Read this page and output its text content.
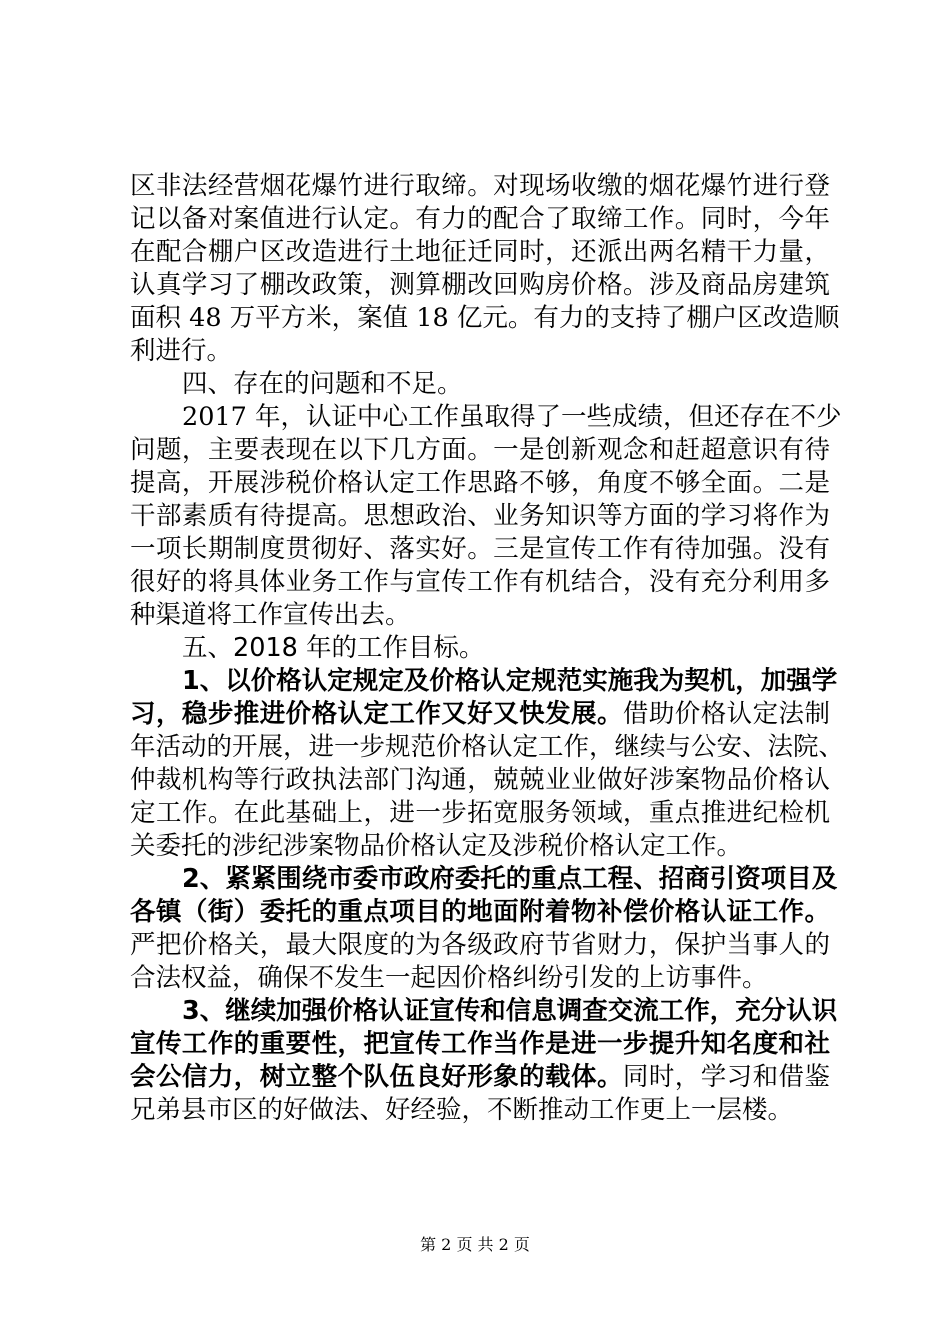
区非法经营烟花爆竹进行取缔。对现场收缴的烟花爆竹进行登
记以备对案值进行认定。有力的配合了取缔工作。同时，今年
在配合棚户区改造进行土地征迁同时，还派出两名精干力量，
认真学习了棚改政策，测算棚改回购房价格。涉及商品房建筑
面积 48 万平方米，案值 18 亿元。有力的支持了棚户区改造顺
利进行。
四、存在的问题和不足。
2017 年，认证中心工作虽取得了一些成绩，但还存在不少
问题，主要表现在以下几方面。一是创新观念和赶超意识有待
提高，开展涉税价格认定工作思路不够，角度不够全面。二是
干部素质有待提高。思想政治、业务知识等方面的学习将作为
一项长期制度贯彻好、落实好。三是宣传工作有待加强。没有
很好的将具体业务工作与宣传工作有机结合，没有充分利用多
种渠道将工作宣传出去。
五、2018 年的工作目标。
1、以价格认定规定及价格认定规范实施我为契机，加强学
习，稳步推进价格认定工作又好又快发展。借助价格认定法制
年活动的开展，进一步规范价格认定工作，继续与公安、法院、
仲裁机构等行政执法部门沟通，兢兢业业做好涉案物品价格认
定工作。在此基础上，进一步拓宽服务领域，重点推进纪检机
关委托的涉纪涉案物品价格认定及涉税价格认定工作。
2、紧紧围绕市委市政府委托的重点工程、招商引资项目及
各镇（街）委托的重点项目的地面附着物补偿价格认证工作。
严把价格关，最大限度的为各级政府节省财力，保护当事人的
合法权益，确保不发生一起因价格纠纷引发的上访事件。
3、继续加强价格认证宣传和信息调查交流工作，充分认识
宣传工作的重要性，把宣传工作当作是进一步提升知名度和社
会公信力，树立整个队伍良好形象的载体。同时，学习和借鉴
兄弟县市区的好做法、好经验，不断推动工作更上一层楼。
第 2 页 共 2 页
